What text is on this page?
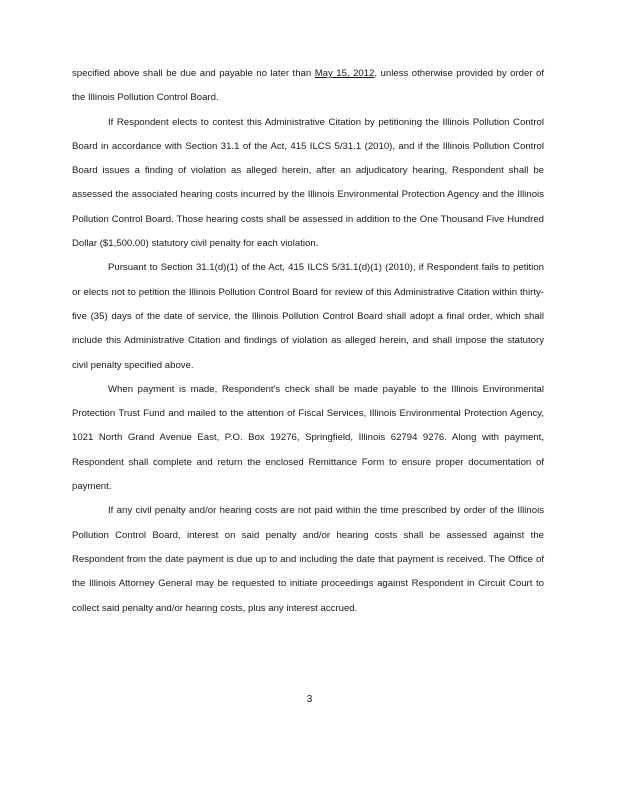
specified above shall be due and payable no later than May 15, 2012, unless otherwise provided by order of the Illinois Pollution Control Board.

If Respondent elects to contest this Administrative Citation by petitioning the Illinois Pollution Control Board in accordance with Section 31.1 of the Act, 415 ILCS 5/31.1 (2010), and if the Illinois Pollution Control Board issues a finding of violation as alleged herein, after an adjudicatory hearing, Respondent shall be assessed the associated hearing costs incurred by the Illinois Environmental Protection Agency and the Illinois Pollution Control Board. Those hearing costs shall be assessed in addition to the One Thousand Five Hundred Dollar ($1,500.00) statutory civil penalty for each violation.

Pursuant to Section 31.1(d)(1) of the Act, 415 ILCS 5/31.1(d)(1) (2010), if Respondent fails to petition or elects not to petition the Illinois Pollution Control Board for review of this Administrative Citation within thirty-five (35) days of the date of service, the Illinois Pollution Control Board shall adopt a final order, which shall include this Administrative Citation and findings of violation as alleged herein, and shall impose the statutory civil penalty specified above.

When payment is made, Respondent's check shall be made payable to the Illinois Environmental Protection Trust Fund and mailed to the attention of Fiscal Services, Illinois Environmental Protection Agency, 1021 North Grand Avenue East, P.O. Box 19276, Springfield, Illinois 62794 9276. Along with payment, Respondent shall complete and return the enclosed Remittance Form to ensure proper documentation of payment.

If any civil penalty and/or hearing costs are not paid within the time prescribed by order of the Illinois Pollution Control Board, interest on said penalty and/or hearing costs shall be assessed against the Respondent from the date payment is due up to and including the date that payment is received. The Office of the Illinois Attorney General may be requested to initiate proceedings against Respondent in Circuit Court to collect said penalty and/or hearing costs, plus any interest accrued.

3
